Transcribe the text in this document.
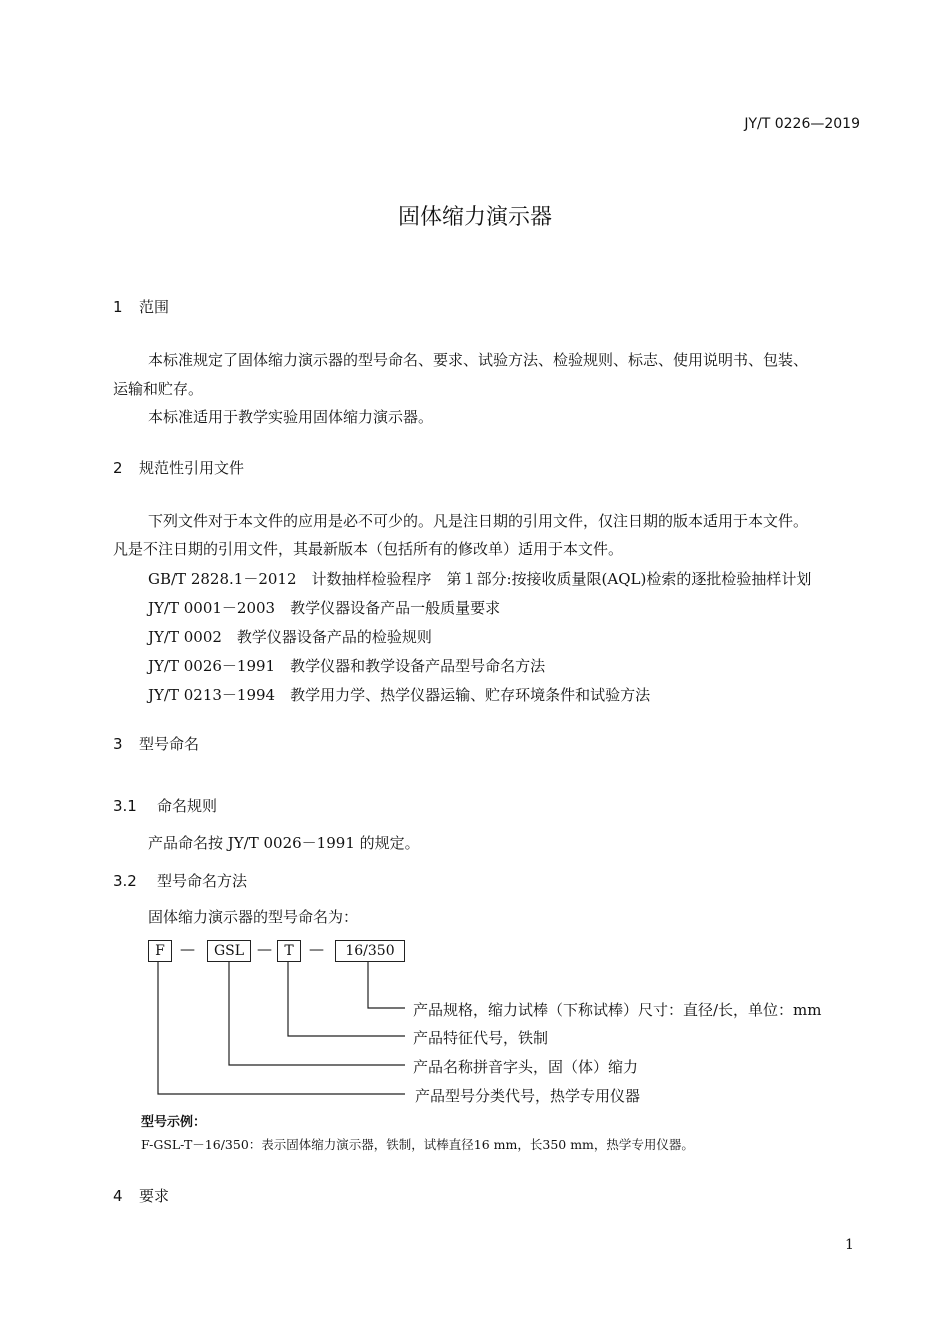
JY/T 0226—2019
固体缩力演示器
1 范围
本标准规定了固体缩力演示器的型号命名、要求、试验方法、检验规则、标志、使用说明书、包装、
运输和贮存。
本标准适用于教学实验用固体缩力演示器。
2 规范性引用文件
下列文件对于本文件的应用是必不可少的。凡是注日期的引用文件，仅注日期的版本适用于本文件。
凡是不注日期的引用文件，其最新版本（包括所有的修改单）适用于本文件。
GB/T 2828.1－2012　计数抽样检验程序　第１部分:按接收质量限(AQL)检索的逐批检验抽样计划
JY/T 0001－2003　教学仪器设备产品一般质量要求
JY/T 0002　教学仪器设备产品的检验规则
JY/T 0026－1991　教学仪器和教学设备产品型号命名方法
JY/T 0213－1994　教学用力学、热学仪器运输、贮存环境条件和试验方法
3 型号命名
3.1 命名规则
产品命名按 JY/T 0026－1991 的规定。
3.2 型号命名方法
固体缩力演示器的型号命名为：
F	—	GSL — T	—	16/350
产品规格，缩力试棒（下称试棒）尺寸：直径/长，单位：mm
产品特征代号，铁制
产品名称拼音字头，固（体）缩力
产品型号分类代号，热学专用仪器
型号示例：
F-GSL-T－16/350：表示固体缩力演示器，铁制，试棒直径16 mm，长350 mm，热学专用仪器。
4 要求
1
